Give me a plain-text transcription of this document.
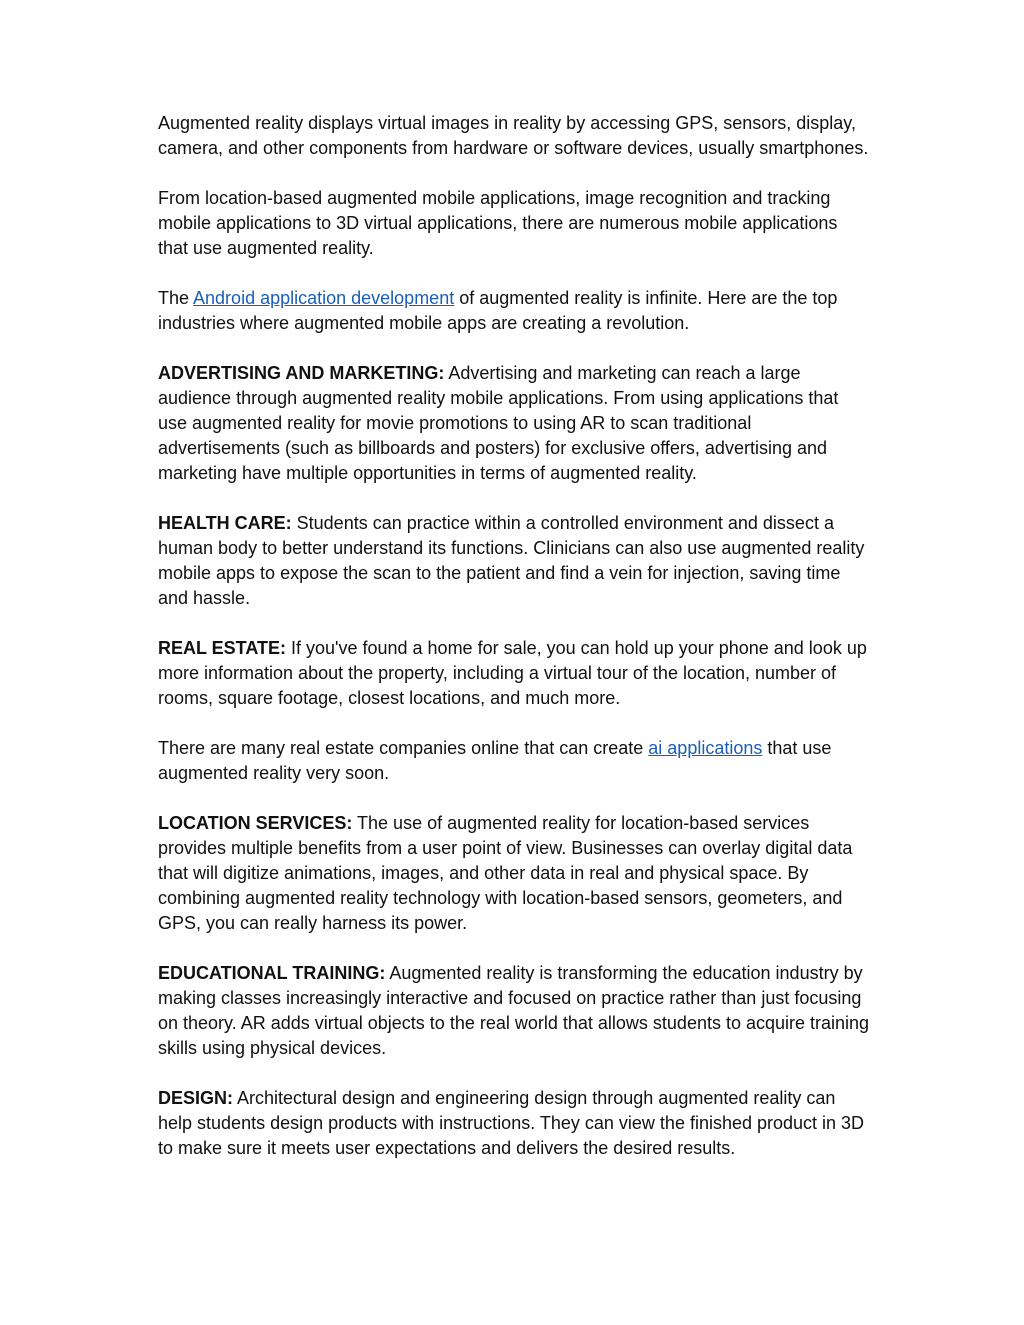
Augmented reality displays virtual images in reality by accessing GPS, sensors, display, camera, and other components from hardware or software devices, usually smartphones.

From location-based augmented mobile applications, image recognition and tracking mobile applications to 3D virtual applications, there are numerous mobile applications that use augmented reality.

The Android application development of augmented reality is infinite. Here are the top industries where augmented mobile apps are creating a revolution.

ADVERTISING AND MARKETING: Advertising and marketing can reach a large audience through augmented reality mobile applications. From using applications that use augmented reality for movie promotions to using AR to scan traditional advertisements (such as billboards and posters) for exclusive offers, advertising and marketing have multiple opportunities in terms of augmented reality.

HEALTH CARE: Students can practice within a controlled environment and dissect a human body to better understand its functions. Clinicians can also use augmented reality mobile apps to expose the scan to the patient and find a vein for injection, saving time and hassle.

REAL ESTATE: If you've found a home for sale, you can hold up your phone and look up more information about the property, including a virtual tour of the location, number of rooms, square footage, closest locations, and much more.

There are many real estate companies online that can create ai applications that use augmented reality very soon.

LOCATION SERVICES: The use of augmented reality for location-based services provides multiple benefits from a user point of view. Businesses can overlay digital data that will digitize animations, images, and other data in real and physical space. By combining augmented reality technology with location-based sensors, geometers, and GPS, you can really harness its power.

EDUCATIONAL TRAINING: Augmented reality is transforming the education industry by making classes increasingly interactive and focused on practice rather than just focusing on theory. AR adds virtual objects to the real world that allows students to acquire training skills using physical devices.

DESIGN: Architectural design and engineering design through augmented reality can help students design products with instructions. They can view the finished product in 3D to make sure it meets user expectations and delivers the desired results.
